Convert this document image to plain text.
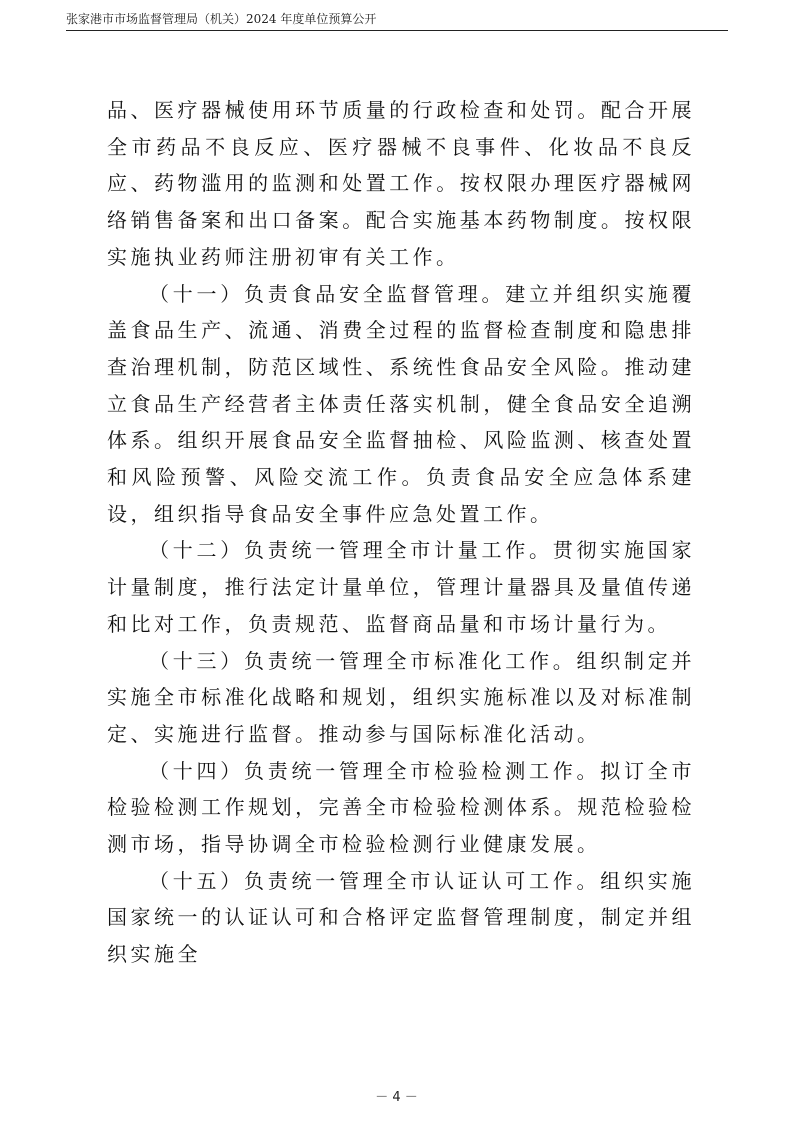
张家港市市场监督管理局（机关）2024 年度单位预算公开

品、医疗器械使用环节质量的行政检查和处罚。配合开展全市药品不良反应、医疗器械不良事件、化妆品不良反应、药物滥用的监测和处置工作。按权限办理医疗器械网络销售备案和出口备案。配合实施基本药物制度。按权限实施执业药师注册初审有关工作。

（十一）负责食品安全监督管理。建立并组织实施覆盖食品生产、流通、消费全过程的监督检查制度和隐患排查治理机制，防范区域性、系统性食品安全风险。推动建立食品生产经营者主体责任落实机制，健全食品安全追溯体系。组织开展食品安全监督抽检、风险监测、核查处置和风险预警、风险交流工作。负责食品安全应急体系建设，组织指导食品安全事件应急处置工作。

（十二）负责统一管理全市计量工作。贯彻实施国家计量制度，推行法定计量单位，管理计量器具及量值传递和比对工作，负责规范、监督商品量和市场计量行为。

（十三）负责统一管理全市标准化工作。组织制定并实施全市标准化战略和规划，组织实施标准以及对标准制定、实施进行监督。推动参与国际标准化活动。

（十四）负责统一管理全市检验检测工作。拟订全市检验检测工作规划，完善全市检验检测体系。规范检验检测市场，指导协调全市检验检测行业健康发展。

（十五）负责统一管理全市认证认可工作。组织实施国家统一的认证认可和合格评定监督管理制度，制定并组织实施全

－ 4 －
